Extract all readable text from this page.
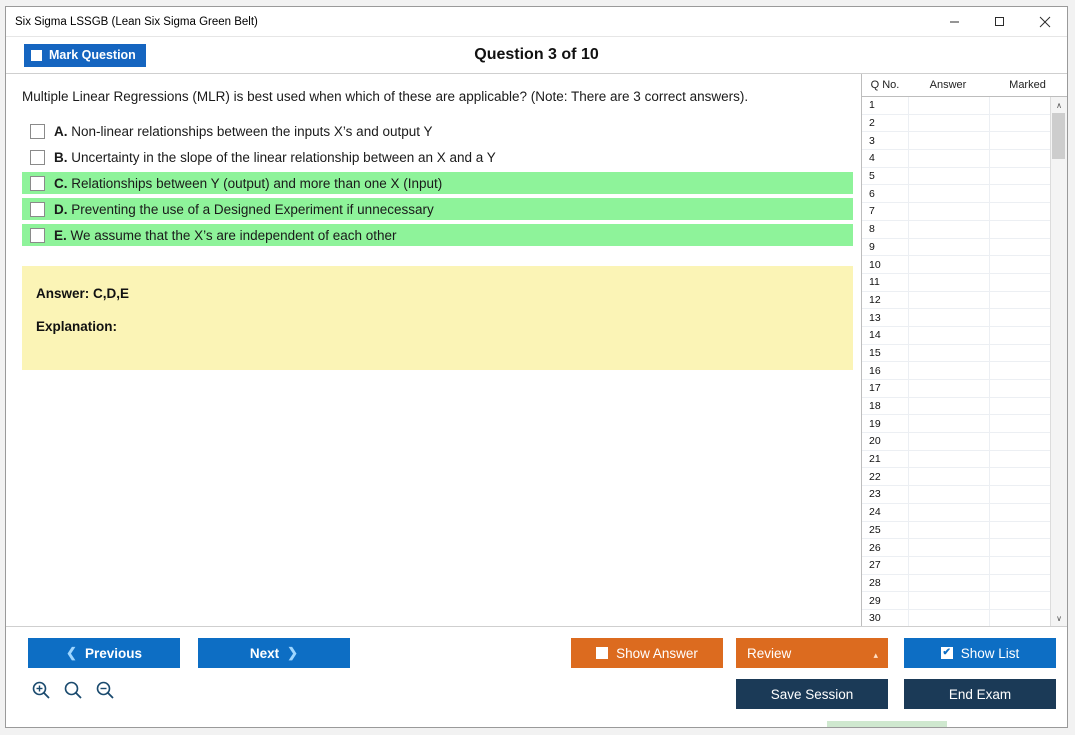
Six Sigma LSSGB (Lean Six Sigma Green Belt)
Mark Question	Question 3 of 10
Multiple Linear Regressions (MLR) is best used when which of these are applicable? (Note: There are 3 correct answers).
A. Non-linear relationships between the inputs X’s and output Y
B. Uncertainty in the slope of the linear relationship between an X and a Y
C. Relationships between Y (output) and more than one X (Input)
D. Preventing the use of a Designed Experiment if unnecessary
E. We assume that the X’s are independent of each other
Answer: C,D,E
Explanation:
Q No.	Answer	Marked
1
2
3
4
5
6
7
8
9
10
11
12
13
14
15
16
17
18
19
20
21
22
23
24
25
26
27
28
29
30
∧
∨
❮ Previous	Next ❯	Show Answer	Review	▴	✔ Show List
Save Session	End Exam
